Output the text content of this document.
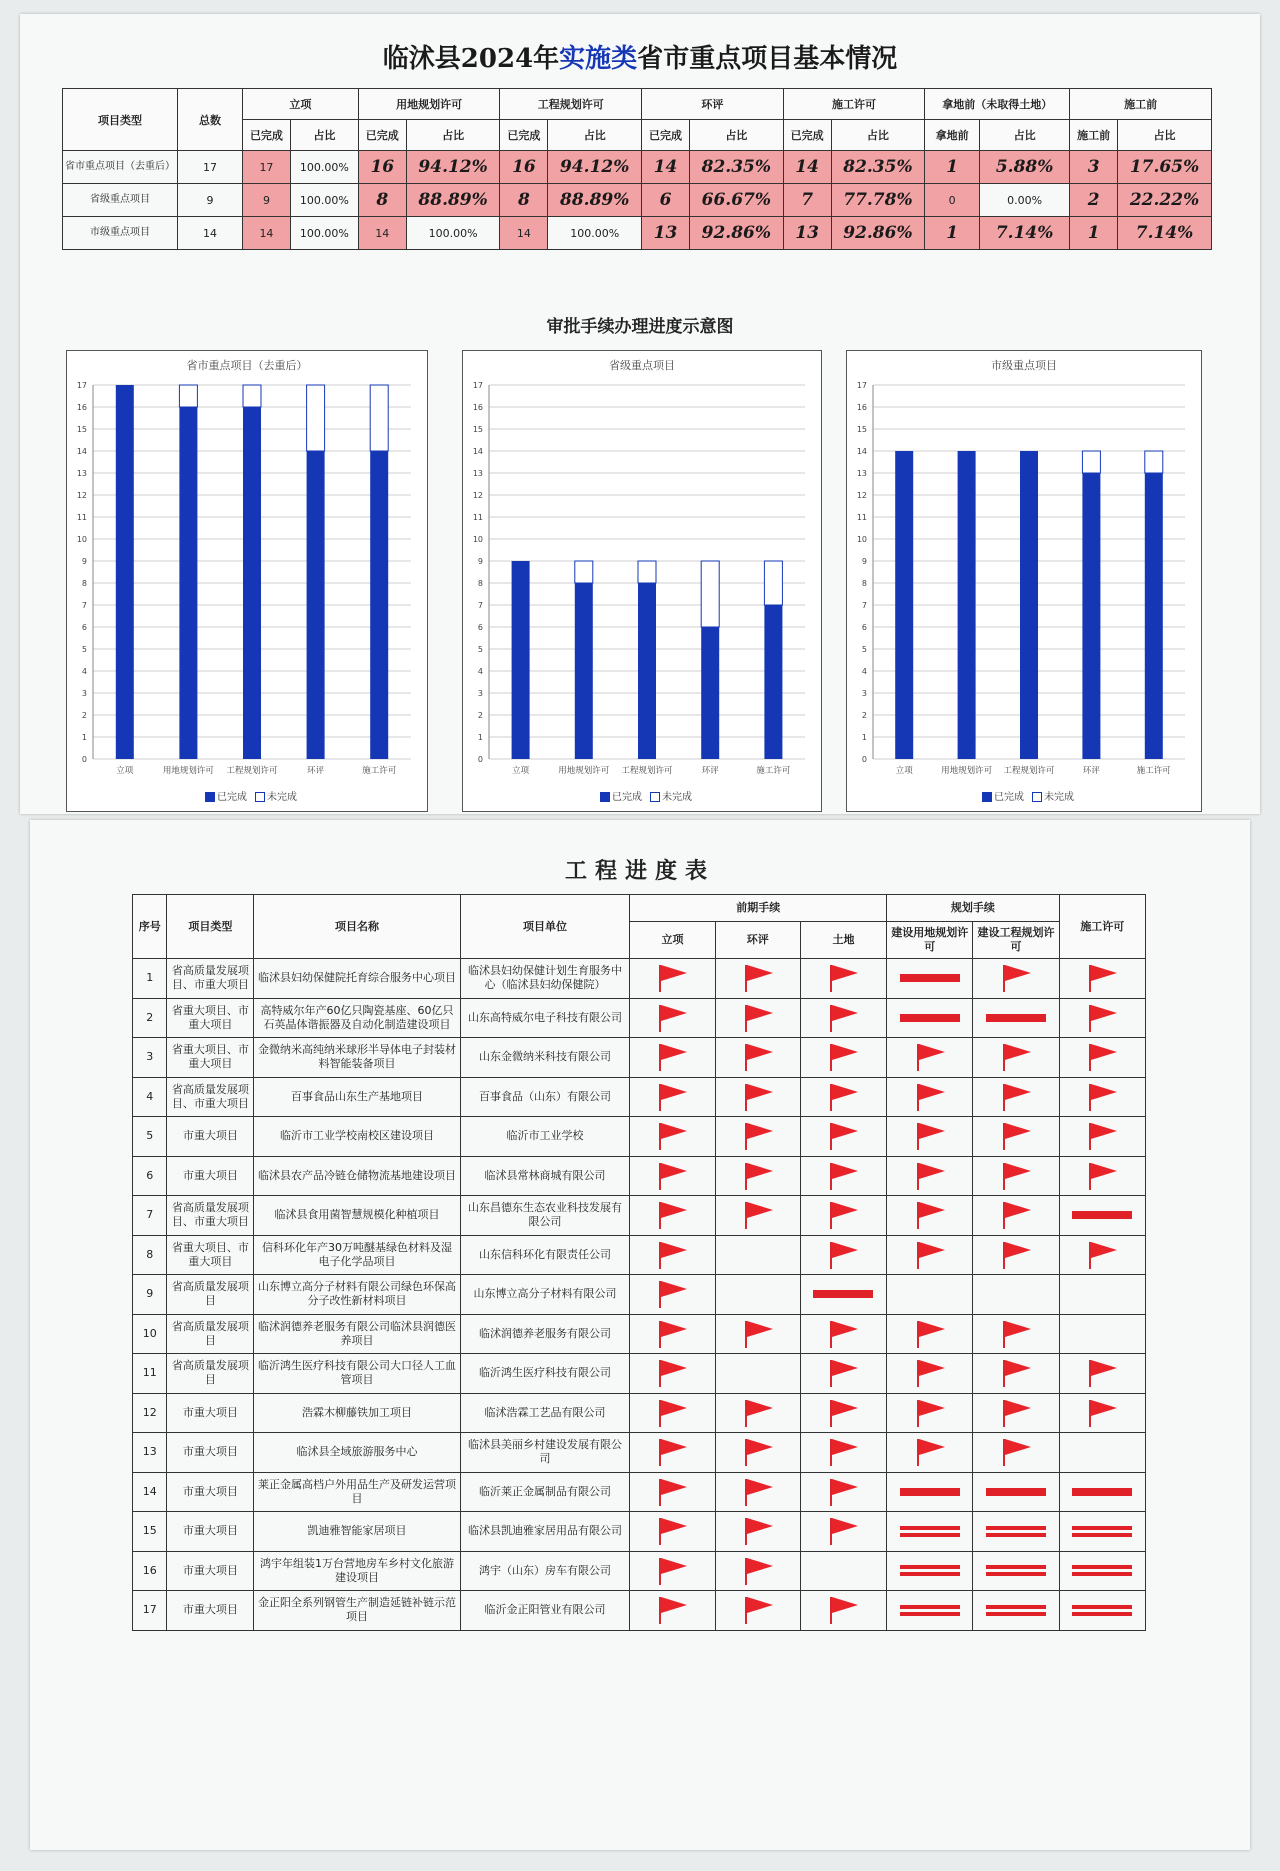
临沭县2024年实施类省市重点项目基本情况
项目类型	总数	立项		用地规划许可		工程规划许可		环评		施工许可		拿地前（未取得土地）		施工前	
		已完成	占比	已完成	占比	已完成	占比	已完成	占比	已完成	占比	拿地前	占比	施工前	占比
省市重点项目（去重后）	17	17	100.00%	16	94.12%	16	94.12%	14	82.35%	14	82.35%	1	5.88%	3	17.65%
省级重点项目	9	9	100.00%	8	88.89%	8	88.89%	6	66.67%	7	77.78%	0	0.00%	2	22.22%
市级重点项目	14	14	100.00%	14	100.00%	14	100.00%	13	92.86%	13	92.86%	1	7.14%	1	7.14%
审批手续办理进度示意图
省市重点项目（去重后）
已完成 未完成
0
1
2
3
4
5
6
7
8
9
10
11
12
13
14
15
16
17
立项	用地规划许可 工程规划许可	环评	施工许可
省级重点项目
已完成 未完成
0
1
2
3
4
5
6
7
8
9
10
11
12
13
14
15
16
17
立项	用地规划许可 工程规划许可	环评	施工许可
市级重点项目
已完成 未完成
0
1
2
3
4
5
6
7
8
9
10
11
12
13
14
15
16
17
立项	用地规划许可 工程规划许可	环评	施工许可
工程进度表
序号	项目类型	项目名称	项目单位	前期手续			规划手续		施工许可
				立项	环评	土地	建设用地规划许可	建设工程规划许可	
1	省高质量发展项目、市重大项目	临沭县妇幼保健院托育综合服务中心项目	临沭县妇幼保健计划生育服务中心（临沭县妇幼保健院）						
2	省重大项目、市重大项目	高特威尔年产60亿只陶瓷基座、60亿只石英晶体谐振器及自动化制造建设项目	山东高特威尔电子科技有限公司						
3	省重大项目、市重大项目	金微纳米高纯纳米球形半导体电子封装材料智能装备项目	山东金微纳米科技有限公司						
4	省高质量发展项目、市重大项目	百事食品山东生产基地项目	百事食品（山东）有限公司						
5	市重大项目	临沂市工业学校南校区建设项目	临沂市工业学校						
6	市重大项目	临沭县农产品冷链仓储物流基地建设项目	临沭县常林商城有限公司						
7	省高质量发展项目、市重大项目	临沭县食用菌智慧规模化种植项目	山东昌德东生态农业科技发展有限公司						
8	省重大项目、市重大项目	信科环化年产30万吨醚基绿色材料及湿电子化学品项目	山东信科环化有限责任公司						
9	省高质量发展项目	山东博立高分子材料有限公司绿色环保高分子改性新材料项目	山东博立高分子材料有限公司						
10	省高质量发展项目	临沭润德养老服务有限公司临沭县润德医养项目	临沭润德养老服务有限公司						
11	省高质量发展项目	临沂鸿生医疗科技有限公司大口径人工血管项目	临沂鸿生医疗科技有限公司						
12	市重大项目	浩霖木柳藤铁加工项目	临沭浩霖工艺品有限公司						
13	市重大项目	临沭县全域旅游服务中心	临沭县美丽乡村建设发展有限公司						
14	市重大项目	莱正金属高档户外用品生产及研发运营项目	临沂莱正金属制品有限公司						
15	市重大项目	凯迪雅智能家居项目	临沭县凯迪雅家居用品有限公司						
16	市重大项目	鸿宇年组装1万台营地房车乡村文化旅游建设项目	鸿宇（山东）房车有限公司						
17	市重大项目	金正阳全系列钢管生产制造延链补链示范项目	临沂金正阳管业有限公司						
